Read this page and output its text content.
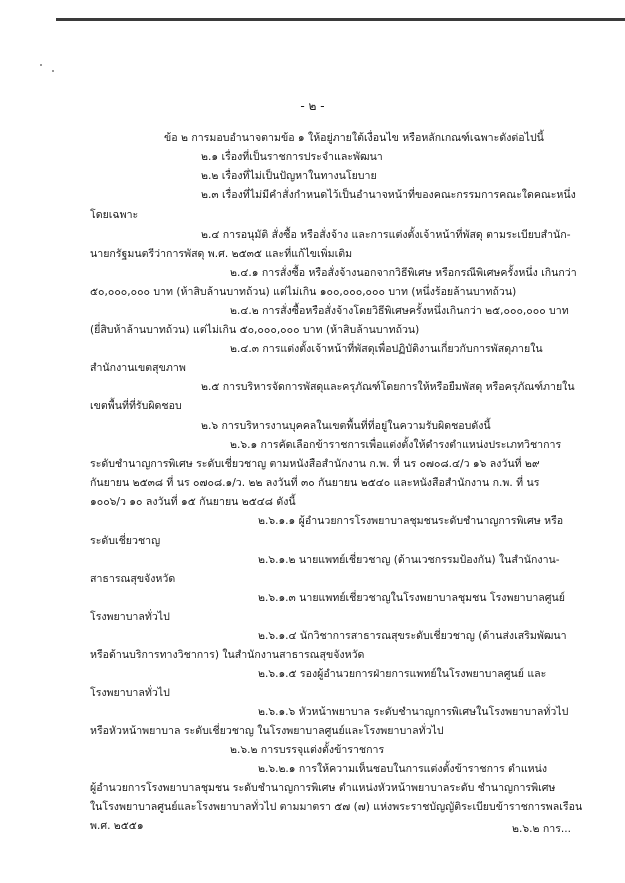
- ๒ -
ข้อ ๒ การมอบอำนาจตามข้อ ๑ ให้อยู่ภายใต้เงื่อนไข หรือหลักเกณฑ์เฉพาะดังต่อไปนี้
๒.๑ เรื่องที่เป็นราชการประจำและพัฒนา
๒.๒ เรื่องที่ไม่เป็นปัญหาในทางนโยบาย
๒.๓ เรื่องที่ไม่มีคำสั่งกำหนดไว้เป็นอำนาจหน้าที่ของคณะกรรมการคณะใดคณะหนึ่ง
โดยเฉพาะ
๒.๔ การอนุมัติ สั่งซื้อ หรือสั่งจ้าง และการแต่งตั้งเจ้าหน้าที่พัสดุ ตามระเบียบสำนัก-
นายกรัฐมนตรีว่าการพัสดุ พ.ศ. ๒๕๓๕ และที่แก้ไขเพิ่มเติม
๒.๔.๑ การสั่งซื้อ หรือสั่งจ้างนอกจากวิธีพิเศษ หรือกรณีพิเศษครั้งหนึ่ง เกินกว่า
๕๐,๐๐๐,๐๐๐ บาท (ห้าสิบล้านบาทถ้วน) แต่ไม่เกิน ๑๐๐,๐๐๐,๐๐๐ บาท (หนึ่งร้อยล้านบาทถ้วน)
๒.๔.๒ การสั่งซื้อหรือสั่งจ้างโดยวิธีพิเศษครั้งหนึ่งเกินกว่า ๒๕,๐๐๐,๐๐๐ บาท
(ยี่สิบห้าล้านบาทถ้วน) แต่ไม่เกิน ๕๐,๐๐๐,๐๐๐ บาท (ห้าสิบล้านบาทถ้วน)
๒.๔.๓ การแต่งตั้งเจ้าหน้าที่พัสดุเพื่อปฏิบัติงานเกี่ยวกับการพัสดุภายใน
สำนักงานเขตสุขภาพ
๒.๕ การบริหารจัดการพัสดุและครุภัณฑ์โดยการให้หรือยืมพัสดุ หรือครุภัณฑ์ภายใน
เขตพื้นที่ที่รับผิดชอบ
๒.๖ การบริหารงานบุคคลในเขตพื้นที่ที่อยู่ในความรับผิดชอบดังนี้
๒.๖.๑ การคัดเลือกข้าราชการเพื่อแต่งตั้งให้ดำรงตำแหน่งประเภทวิชาการ
ระดับชำนาญการพิเศษ ระดับเชี่ยวชาญ ตามหนังสือสำนักงาน ก.พ. ที่ นร ๐๗๐๘.๔/ว ๑๖ ลงวันที่ ๒๙
กันยายน ๒๕๓๘ ที่ นร ๐๗๐๘.๑/ว. ๒๒ ลงวันที่ ๓๐ กันยายน ๒๕๔๐ และหนังสือสำนักงาน ก.พ. ที่ นร
๑๐๐๖/ว ๑๐ ลงวันที่ ๑๕ กันยายน ๒๕๔๘ ดังนี้
๒.๖.๑.๑ ผู้อำนวยการโรงพยาบาลชุมชนระดับชำนาญการพิเศษ หรือ
ระดับเชี่ยวชาญ
๒.๖.๑.๒ นายแพทย์เชี่ยวชาญ (ด้านเวชกรรมป้องกัน) ในสำนักงาน-
สาธารณสุขจังหวัด
๒.๖.๑.๓ นายแพทย์เชี่ยวชาญในโรงพยาบาลชุมชน โรงพยาบาลศูนย์
โรงพยาบาลทั่วไป
๒.๖.๑.๔ นักวิชาการสาธารณสุขระดับเชี่ยวชาญ (ด้านส่งเสริมพัฒนา
หรือด้านบริการทางวิชาการ) ในสำนักงานสาธารณสุขจังหวัด
๒.๖.๑.๕ รองผู้อำนวยการฝ่ายการแพทย์ในโรงพยาบาลศูนย์ และ
โรงพยาบาลทั่วไป
๒.๖.๑.๖ หัวหน้าพยาบาล ระดับชำนาญการพิเศษในโรงพยาบาลทั่วไป
หรือหัวหน้าพยาบาล ระดับเชี่ยวชาญ ในโรงพยาบาลศูนย์และโรงพยาบาลทั่วไป
๒.๖.๒ การบรรจุแต่งตั้งข้าราชการ
๒.๖.๒.๑ การให้ความเห็นชอบในการแต่งตั้งข้าราชการ ตำแหน่ง
ผู้อำนวยการโรงพยาบาลชุมชน ระดับชำนาญการพิเศษ ตำแหน่งหัวหน้าพยาบาลระดับ ชำนาญการพิเศษ
ในโรงพยาบาลศูนย์และโรงพยาบาลทั่วไป ตามมาตรา ๕๗ (๗) แห่งพระราชบัญญัติระเบียบข้าราชการพลเรือน
พ.ศ. ๒๕๕๑	๒.๖.๒ การ...
